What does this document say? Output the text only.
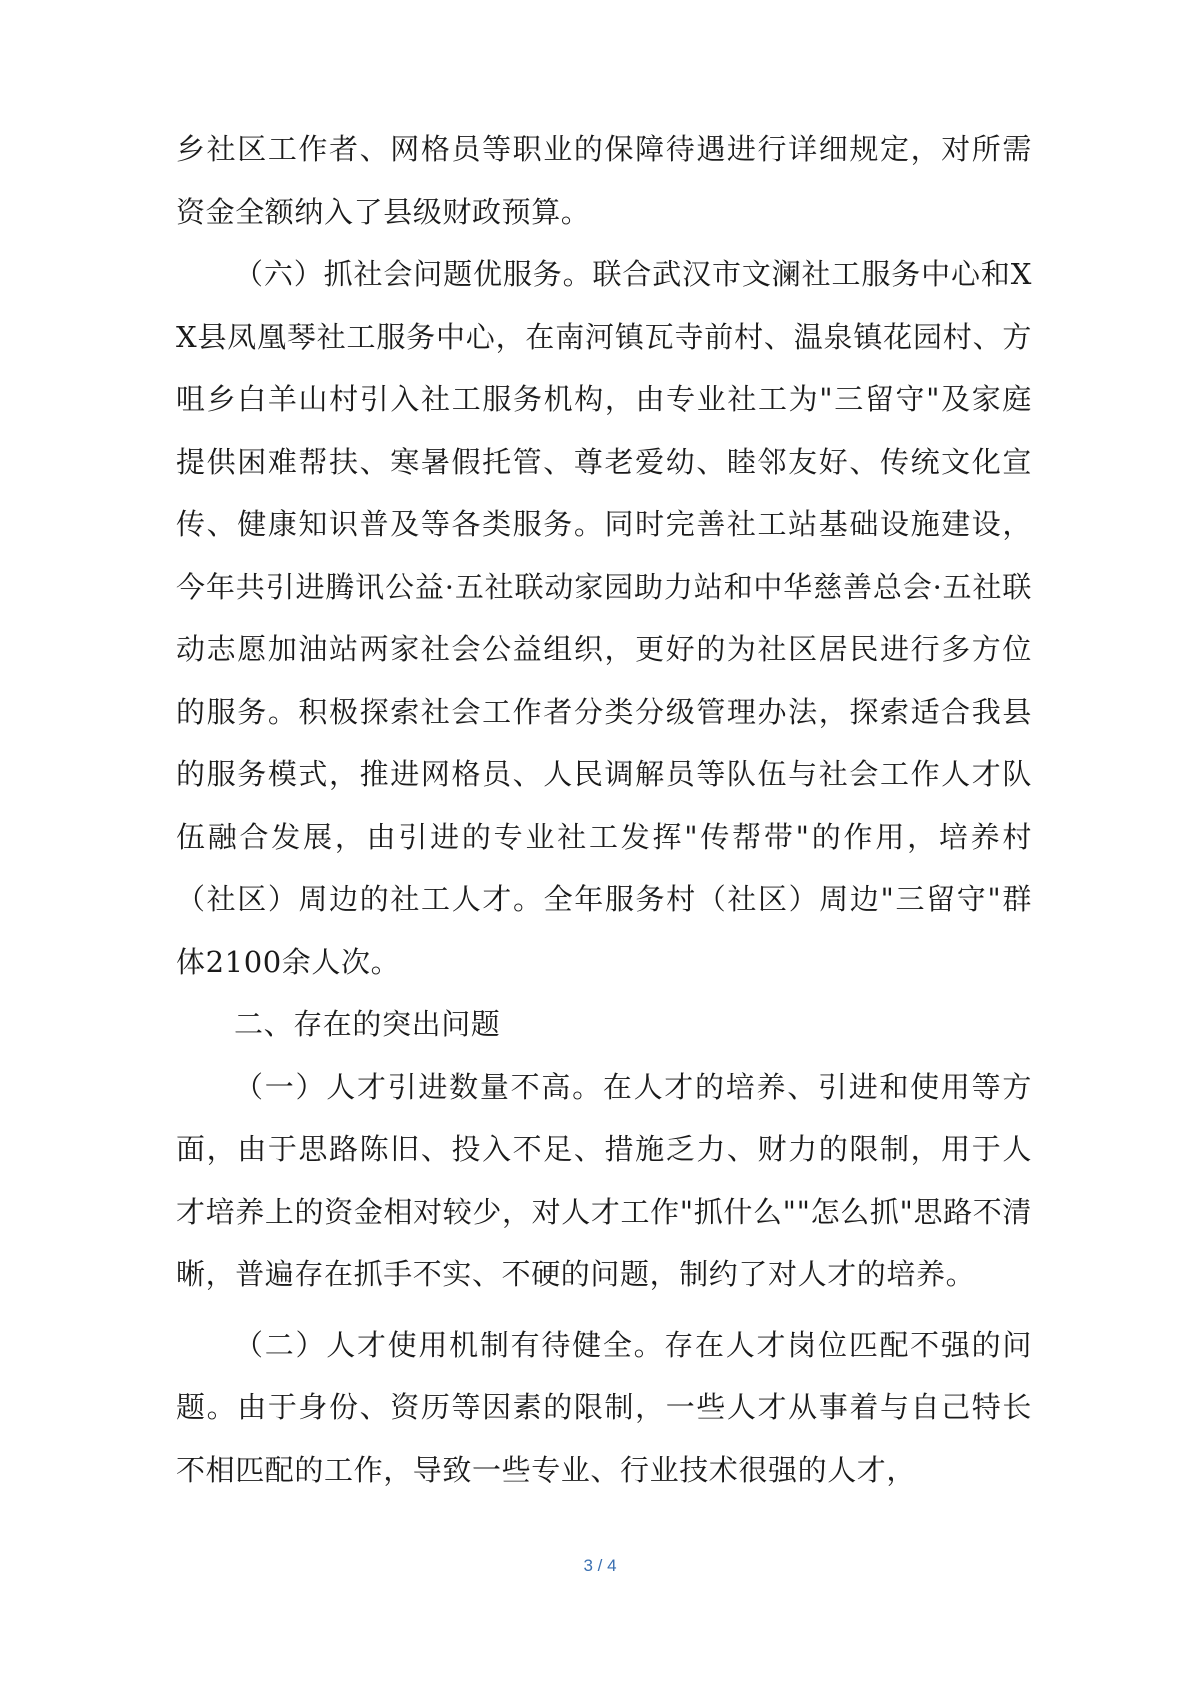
乡社区工作者、网格员等职业的保障待遇进行详细规定，对所需资金全额纳入了县级财政预算。

（六）抓社会问题优服务。联合武汉市文澜社工服务中心和XX县凤凰琴社工服务中心，在南河镇瓦寺前村、温泉镇花园村、方咀乡白羊山村引入社工服务机构，由专业社工为"三留守"及家庭提供困难帮扶、寒暑假托管、尊老爱幼、睦邻友好、传统文化宣传、健康知识普及等各类服务。同时完善社工站基础设施建设，今年共引进腾讯公益·五社联动家园助力站和中华慈善总会·五社联动志愿加油站两家社会公益组织，更好的为社区居民进行多方位的服务。积极探索社会工作者分类分级管理办法，探索适合我县的服务模式，推进网格员、人民调解员等队伍与社会工作人才队伍融合发展，由引进的专业社工发挥"传帮带"的作用，培养村（社区）周边的社工人才。全年服务村（社区）周边"三留守"群体2100余人次。

二、存在的突出问题

（一）人才引进数量不高。在人才的培养、引进和使用等方面，由于思路陈旧、投入不足、措施乏力、财力的限制，用于人才培养上的资金相对较少，对人才工作"抓什么""怎么抓"思路不清晰，普遍存在抓手不实、不硬的问题，制约了对人才的培养。

（二）人才使用机制有待健全。存在人才岗位匹配不强的问题。由于身份、资历等因素的限制，一些人才从事着与自己特长不相匹配的工作，导致一些专业、行业技术很强的人才，

3 / 4
